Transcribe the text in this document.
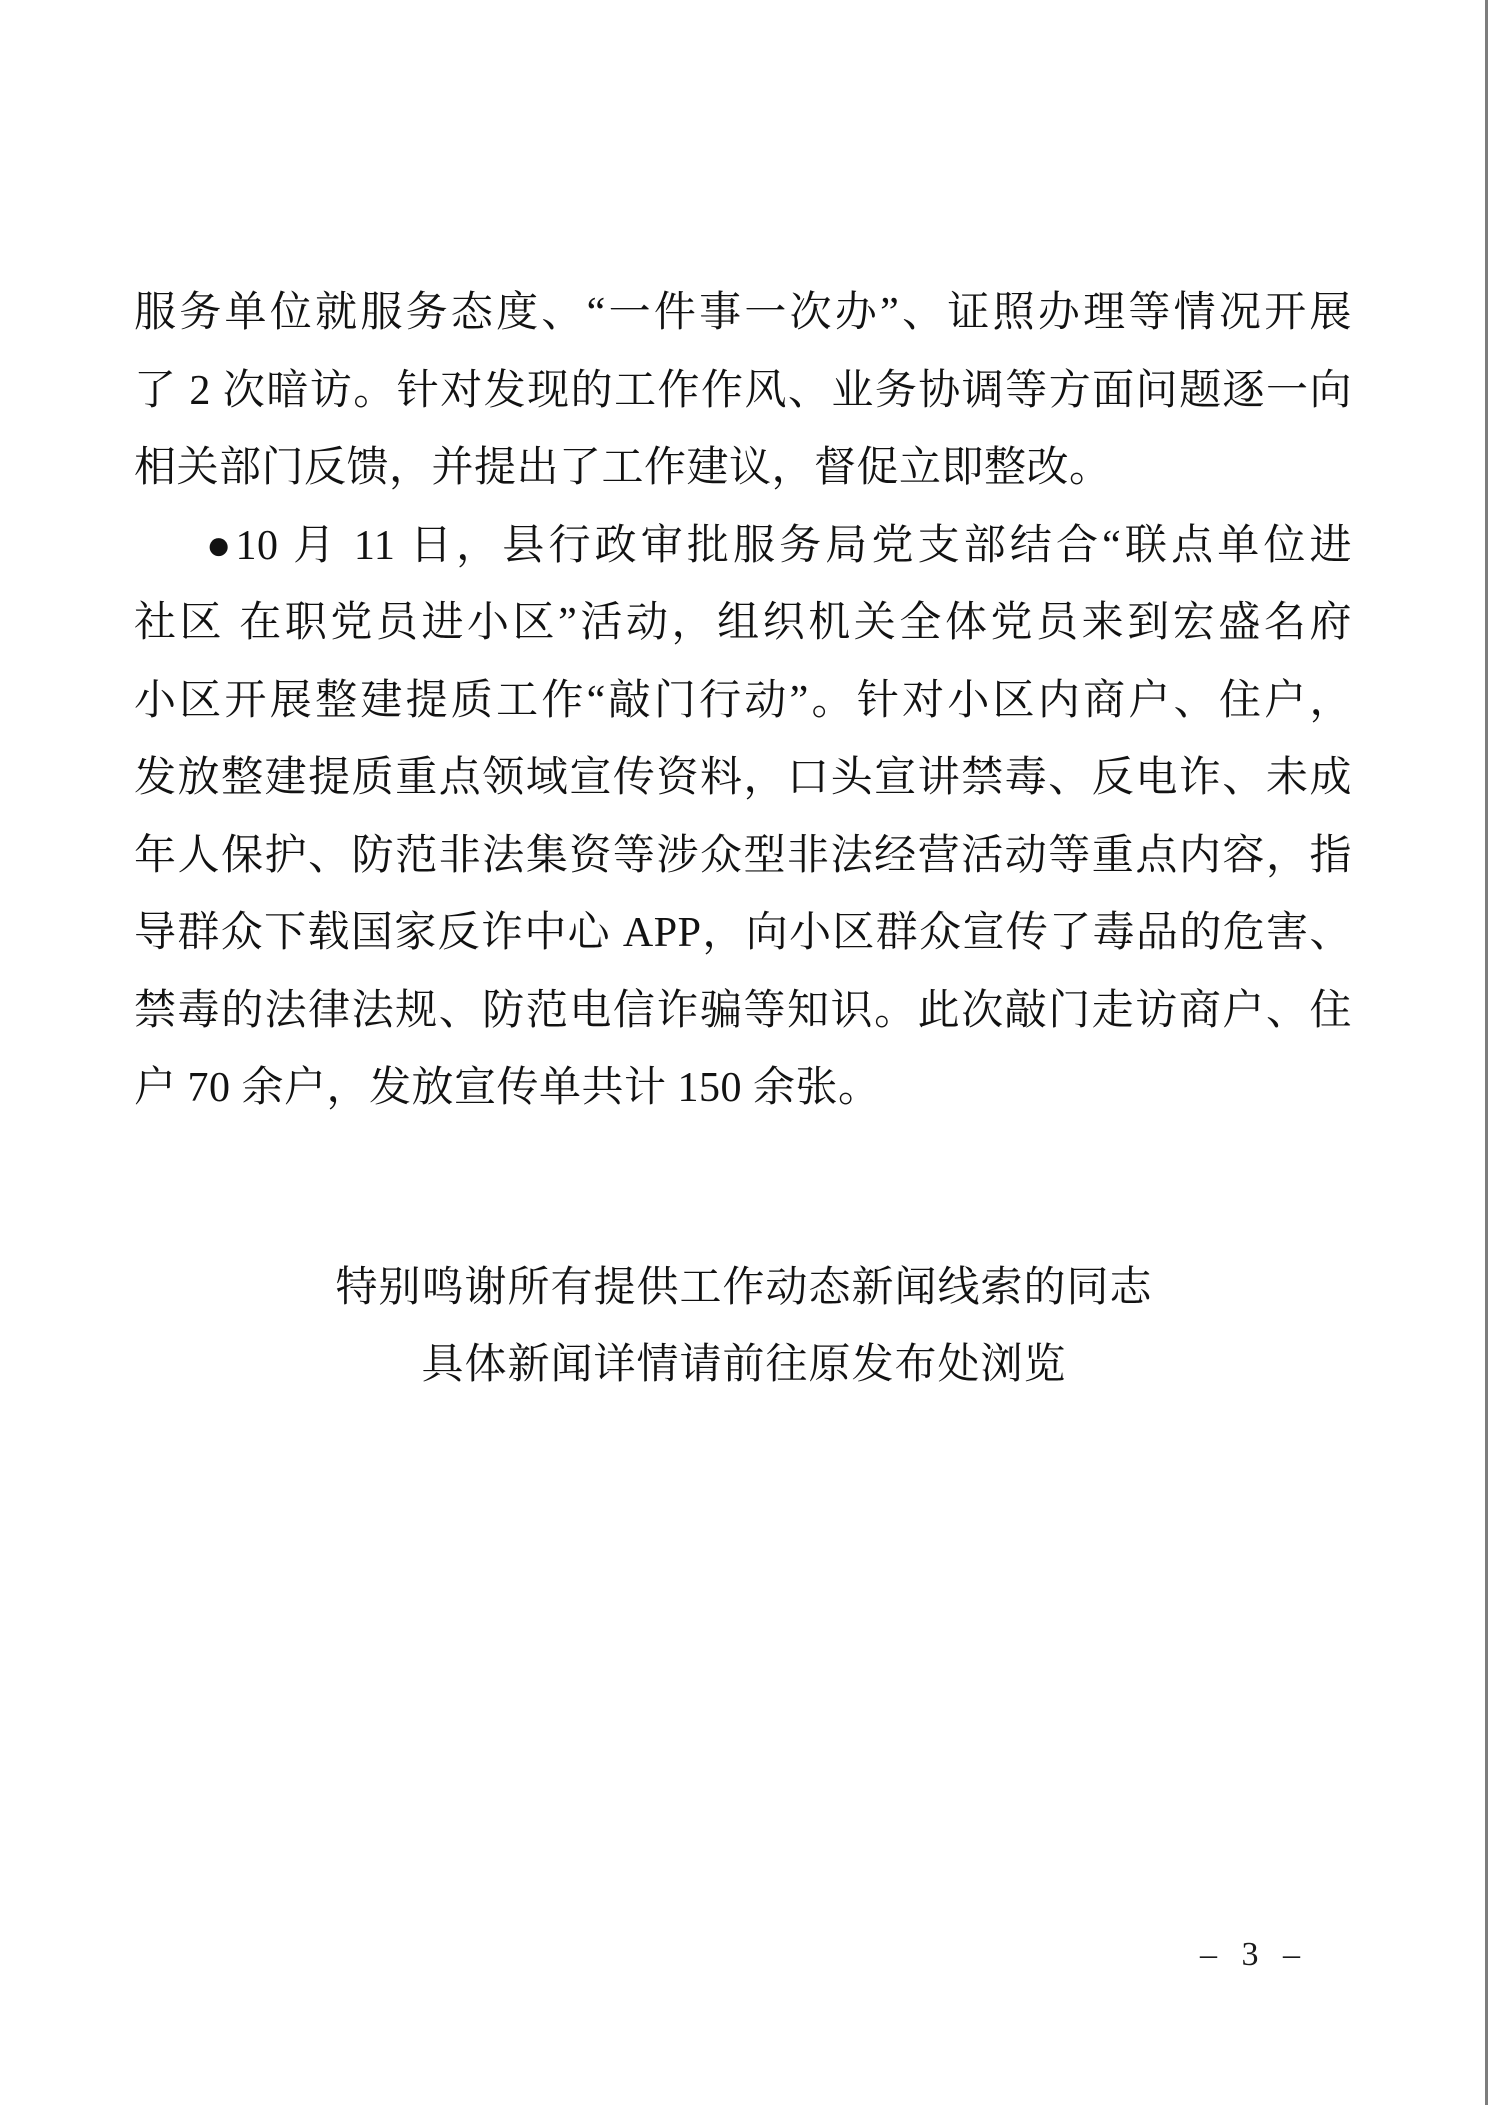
服务单位就服务态度、“一件事一次办”、证照办理等情况开展
了 2 次暗访。针对发现的工作作风、业务协调等方面问题逐一向
相关部门反馈，并提出了工作建议，督促立即整改。
●10 月 11 日，县行政审批服务局党支部结合“联点单位进
社区 在职党员进小区”活动，组织机关全体党员来到宏盛名府
小区开展整建提质工作“敲门行动”。针对小区内商户、住户，
发放整建提质重点领域宣传资料，口头宣讲禁毒、反电诈、未成
年人保护、防范非法集资等涉众型非法经营活动等重点内容，指
导群众下载国家反诈中心 APP，向小区群众宣传了毒品的危害、
禁毒的法律法规、防范电信诈骗等知识。此次敲门走访商户、住
户 70 余户，发放宣传单共计 150 余张。
特别鸣谢所有提供工作动态新闻线索的同志
具体新闻详情请前往原发布处浏览
– 3 –
